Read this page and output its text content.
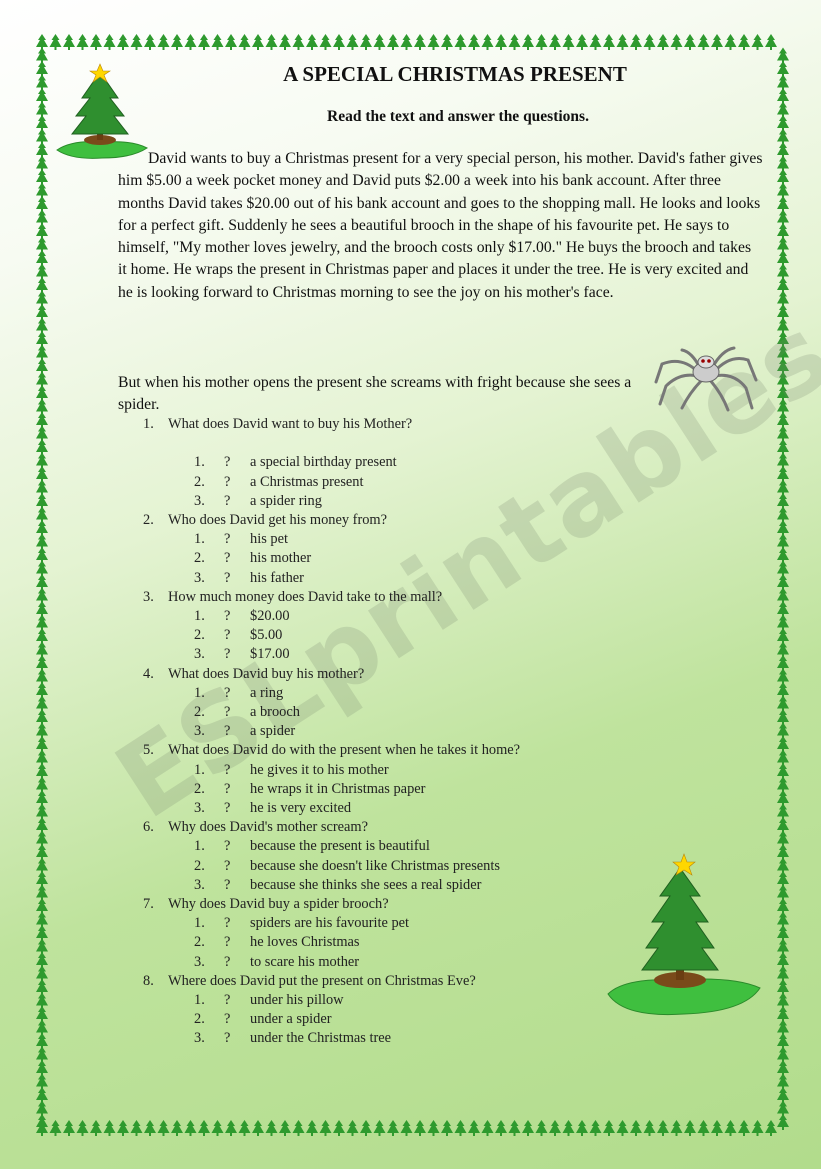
A SPECIAL CHRISTMAS PRESENT

Read the text and answer the questions.

David wants to buy a Christmas present for a very special person, his mother. David's father gives him $5.00 a week pocket money and David puts $2.00 a week into his bank account. After three months David takes $20.00 out of his bank account and goes to the shopping mall. He looks and looks for a perfect gift. Suddenly he sees a beautiful brooch in the shape of his favourite pet. He says to himself, "My mother loves jewelry, and the brooch costs only $17.00." He buys the brooch and takes it home. He wraps the present in Christmas paper and places it under the tree. He is very excited and he is looking forward to Christmas morning to see the joy on his mother's face.

But when his mother opens the present she screams with fright because she sees a spider.

1. What does David want to buy his Mother?
1. ? a special birthday present
2. ? a Christmas present
3. ? a spider ring
2. Who does David get his money from?
1. ? his pet
2. ? his mother
3. ? his father
3. How much money does David take to the mall?
1. ? $20.00
2. ? $5.00
3. ? $17.00
4. What does David buy his mother?
1. ? a ring
2. ? a brooch
3. ? a spider
5. What does David do with the present when he takes it home?
1. ? he gives it to his mother
2. ? he wraps it in Christmas paper
3. ? he is very excited
6. Why does David's mother scream?
1. ? because the present is beautiful
2. ? because she doesn't like Christmas presents
3. ? because she thinks she sees a real spider
7. Why does David buy a spider brooch?
1. ? spiders are his favourite pet
2. ? he loves Christmas
3. ? to scare his mother
8. Where does David put the present on Christmas Eve?
1. ? under his pillow
2. ? under a spider
3. ? under the Christmas tree
